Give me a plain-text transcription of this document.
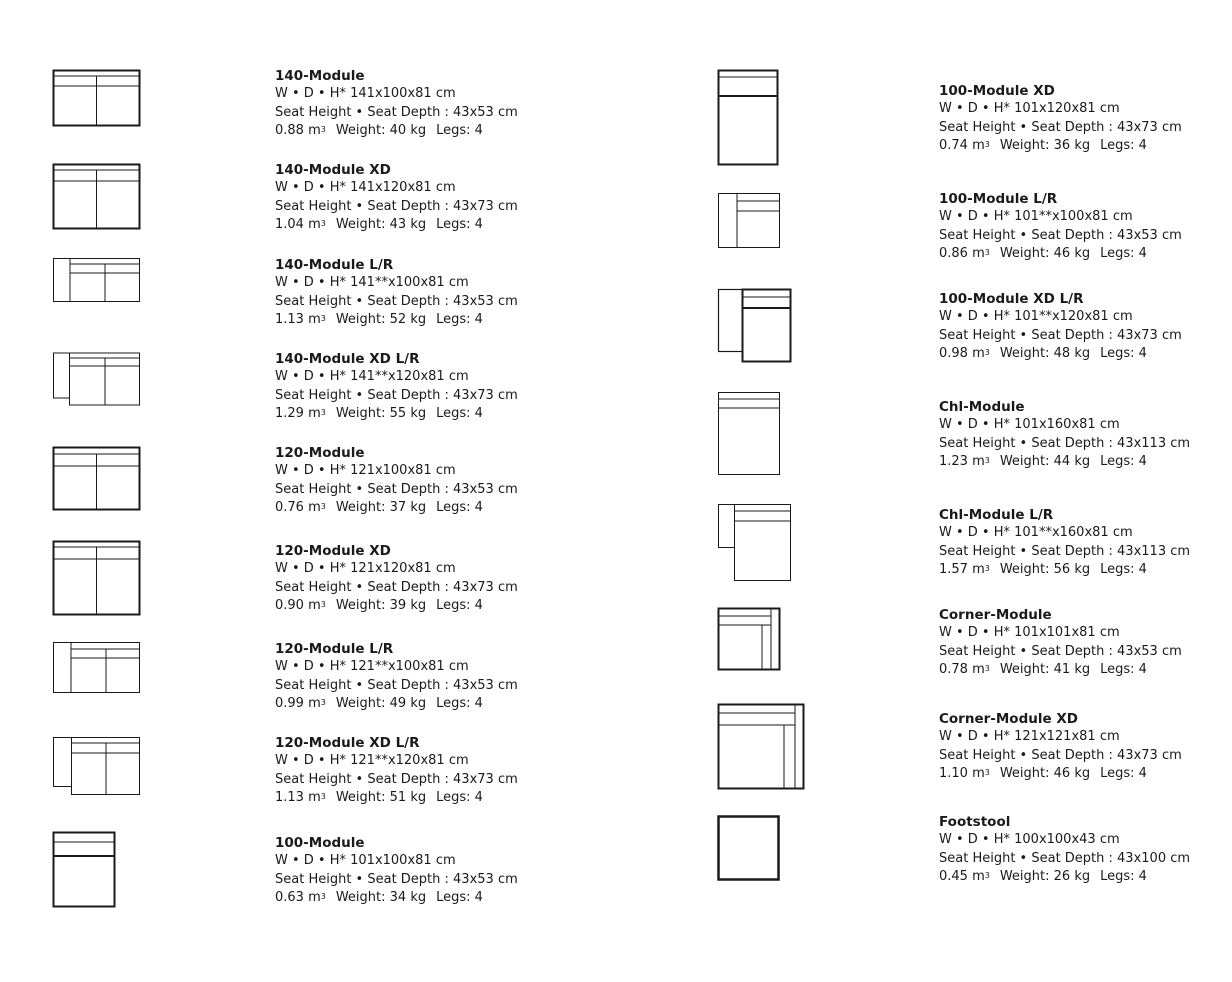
140-Module
W • D • H* 141x100x81 cm
Seat Height • Seat Depth : 43x53 cm
0.88 $m^3$ Weight: 40 kg Legs: 4
140-Module XD
W • D • H* 141x120x81 cm
Seat Height • Seat Depth : 43x73 cm
1.04 $m^3$ Weight: 43 kg Legs: 4
140-Module L/R
W • D • H* 141**x100x81 cm
Seat Height • Seat Depth : 43x53 cm
1.13 $m^3$ Weight: 52 kg Legs: 4
140-Module XD L/R
W • D • H* 141**x120x81 cm
Seat Height • Seat Depth : 43x73 cm
1.29 $m^3$ Weight: 55 kg Legs: 4
120-Module
W • D • H* 121x100x81 cm
Seat Height • Seat Depth : 43x53 cm
0.76 $m^3$ Weight: 37 kg Legs: 4
120-Module XD
W • D • H* 121x120x81 cm
Seat Height • Seat Depth : 43x73 cm
0.90 $m^3$ Weight: 39 kg Legs: 4
120-Module L/R
W • D • H* 121**x100x81 cm
Seat Height • Seat Depth : 43x53 cm
0.99 $m^3$ Weight: 49 kg Legs: 4
120-Module XD L/R
W • D • H* 121**x120x81 cm
Seat Height • Seat Depth : 43x73 cm
1.13 $m^3$ Weight: 51 kg Legs: 4
100-Module
W • D • H* 101x100x81 cm
Seat Height • Seat Depth : 43x53 cm
0.63 $m^3$ Weight: 34 kg Legs: 4
100-Module XD
W • D • H* 101x120x81 cm
Seat Height • Seat Depth : 43x73 cm
0.74 $m^3$ Weight: 36 kg Legs: 4
100-Module L/R
W • D • H* 101**x100x81 cm
Seat Height • Seat Depth : 43x53 cm
0.86 $m^3$ Weight: 46 kg Legs: 4
100-Module XD L/R
W • D • H* 101**x120x81 cm
Seat Height • Seat Depth : 43x73 cm
0.98 $m^3$ Weight: 48 kg Legs: 4
Chl-Module
W • D • H* 101x160x81 cm
Seat Height • Seat Depth : 43x113 cm
1.23 $m^3$ Weight: 44 kg Legs: 4
Chl-Module L/R
W • D • H* 101**x160x81 cm
Seat Height • Seat Depth : 43x113 cm
1.57 $m^3$ Weight: 56 kg Legs: 4
Corner-Module
W • D • H* 101x101x81 cm
Seat Height • Seat Depth : 43x53 cm
0.78 $m^3$ Weight: 41 kg Legs: 4
Corner-Module XD
W • D • H* 121x121x81 cm
Seat Height • Seat Depth : 43x73 cm
1.10 $m^3$ Weight: 46 kg Legs: 4
Footstool
W • D • H* 100x100x43 cm
Seat Height • Seat Depth : 43x100 cm
0.45 $m^3$ Weight: 26 kg Legs: 4
